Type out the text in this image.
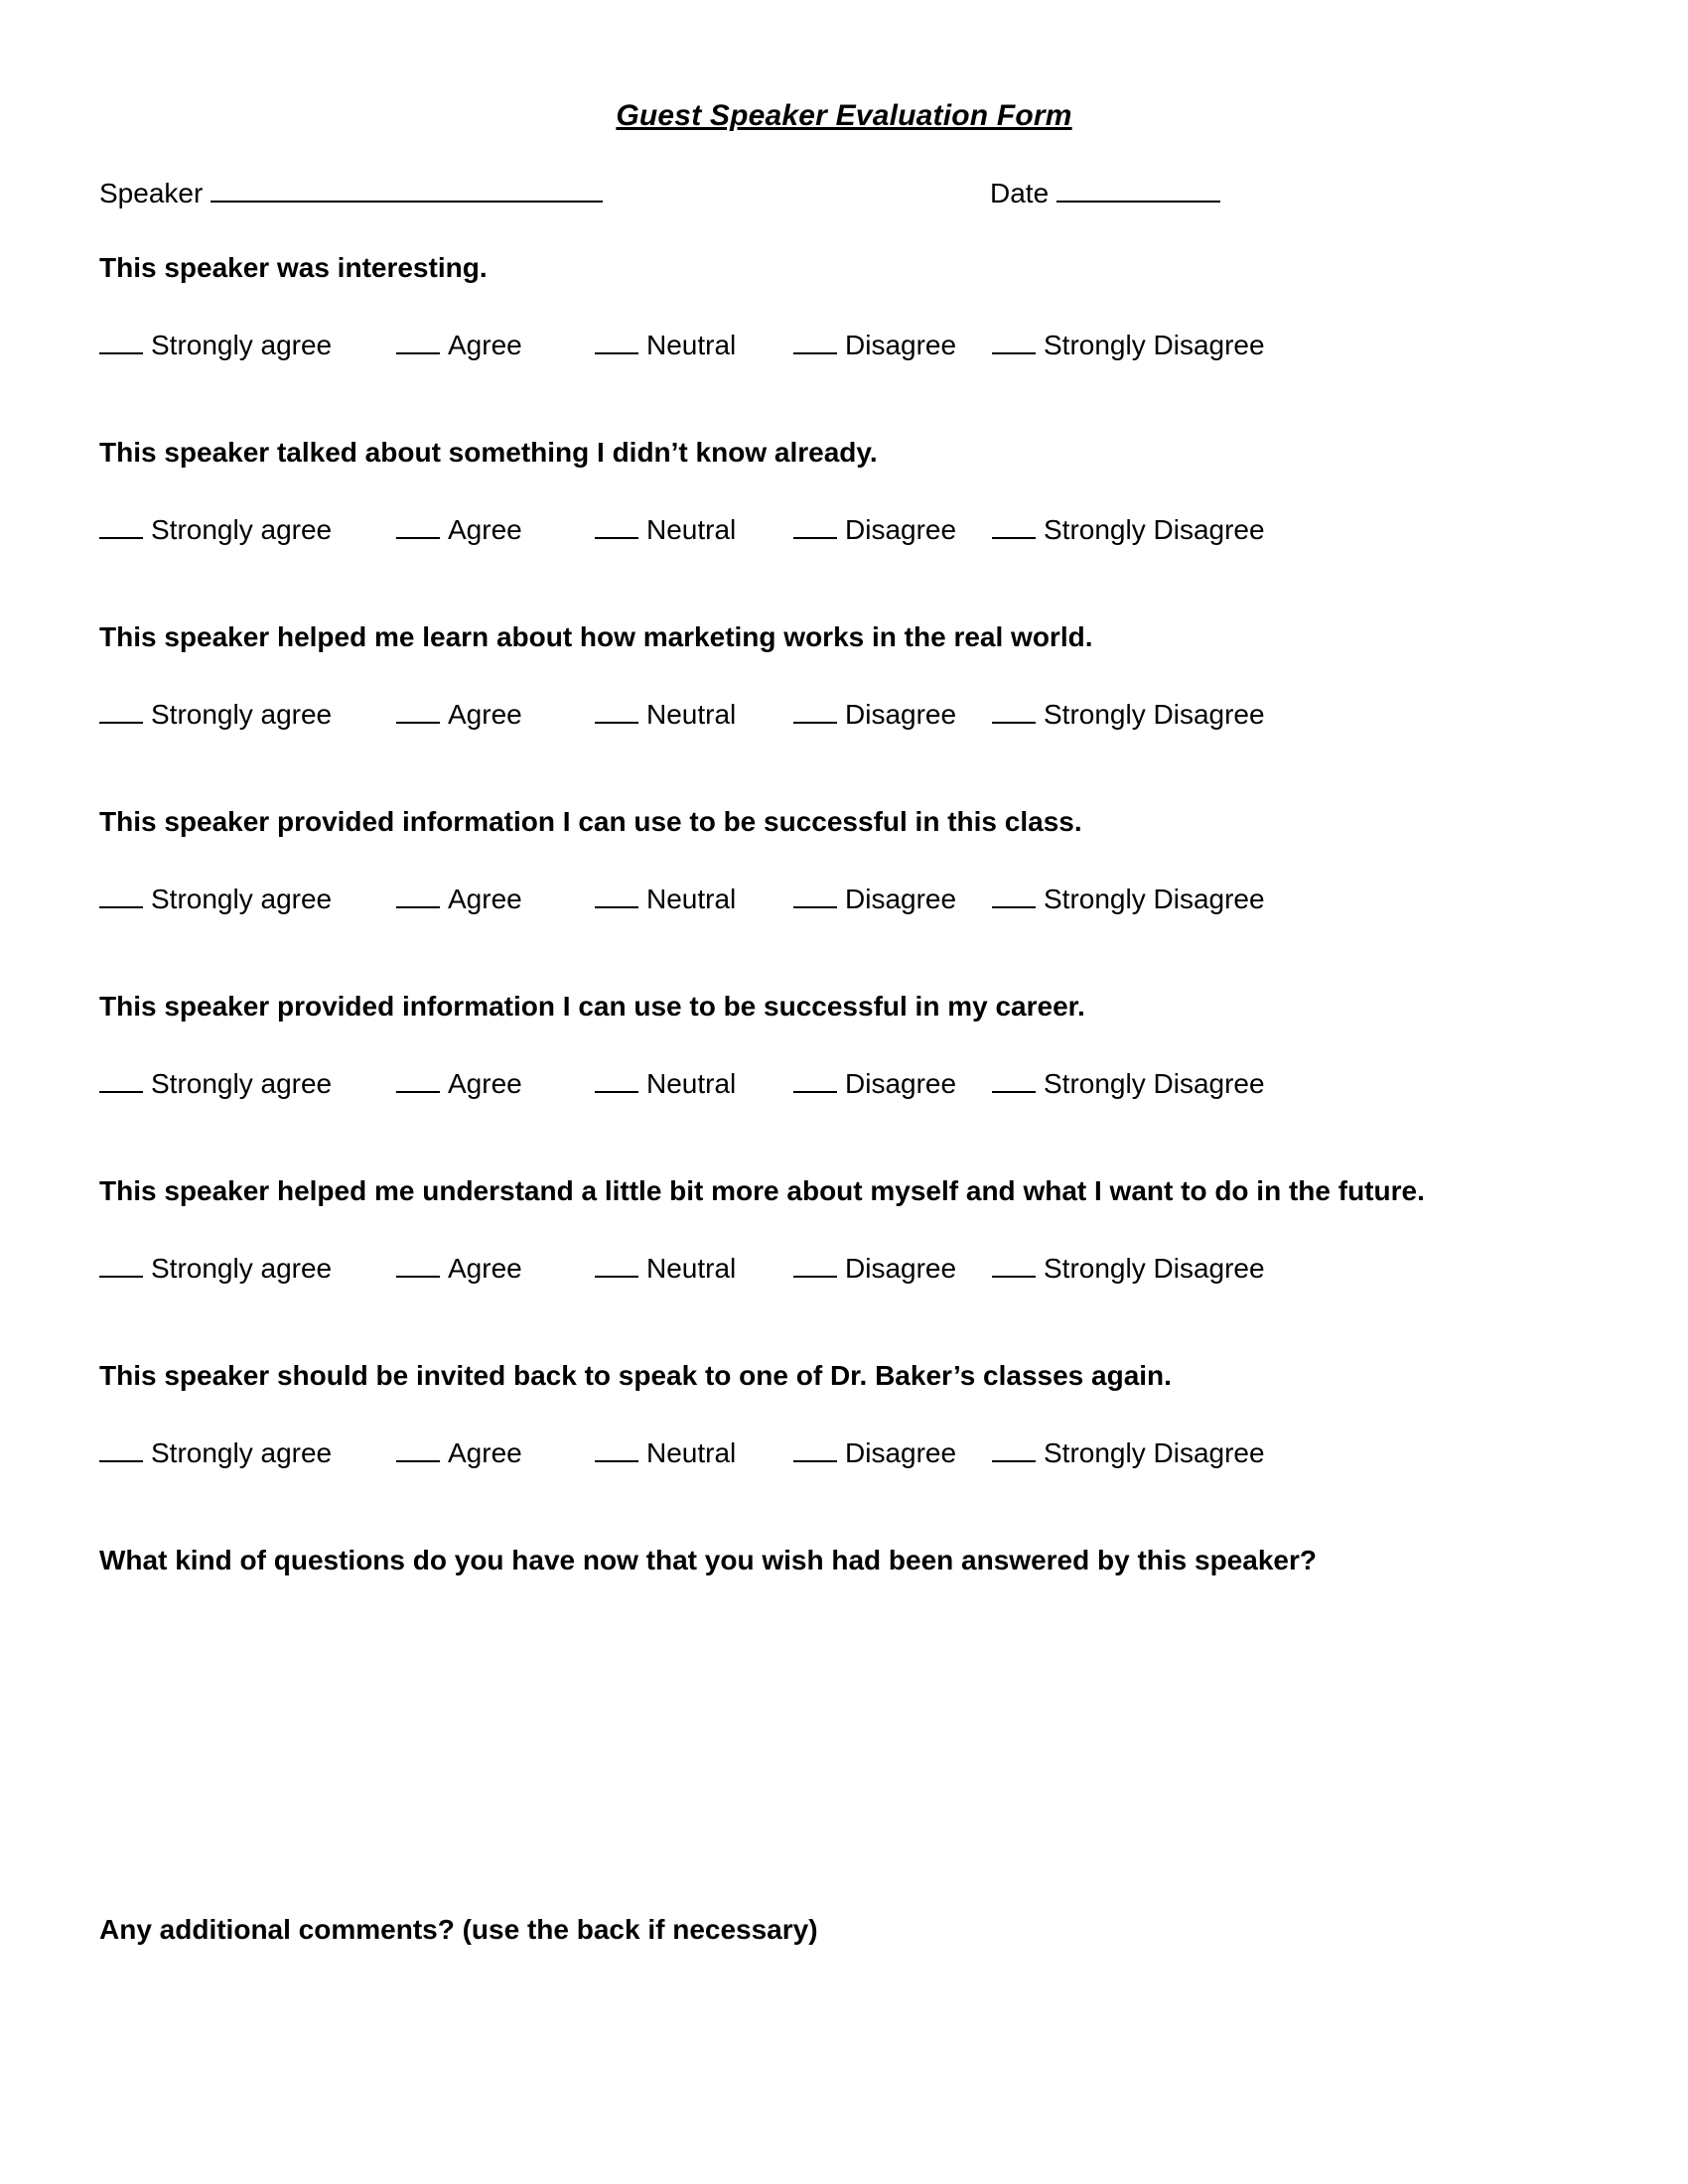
Guest Speaker Evaluation Form
Speaker	Date
This speaker was interesting.
Strongly agree	Agree	Neutral	Disagree	Strongly Disagree
This speaker talked about something I didn’t know already.
Strongly agree	Agree	Neutral	Disagree	Strongly Disagree
This speaker helped me learn about how marketing works in the real world.
Strongly agree	Agree	Neutral	Disagree	Strongly Disagree
This speaker provided information I can use to be successful in this class.
Strongly agree	Agree	Neutral	Disagree	Strongly Disagree
This speaker provided information I can use to be successful in my career.
Strongly agree	Agree	Neutral	Disagree	Strongly Disagree
This speaker helped me understand a little bit more about myself and what I want to do in the future.
Strongly agree	Agree	Neutral	Disagree	Strongly Disagree
This speaker should be invited back to speak to one of Dr. Baker’s classes again.
Strongly agree	Agree	Neutral	Disagree	Strongly Disagree
What kind of questions do you have now that you wish had been answered by this speaker?
Any additional comments? (use the back if necessary)
